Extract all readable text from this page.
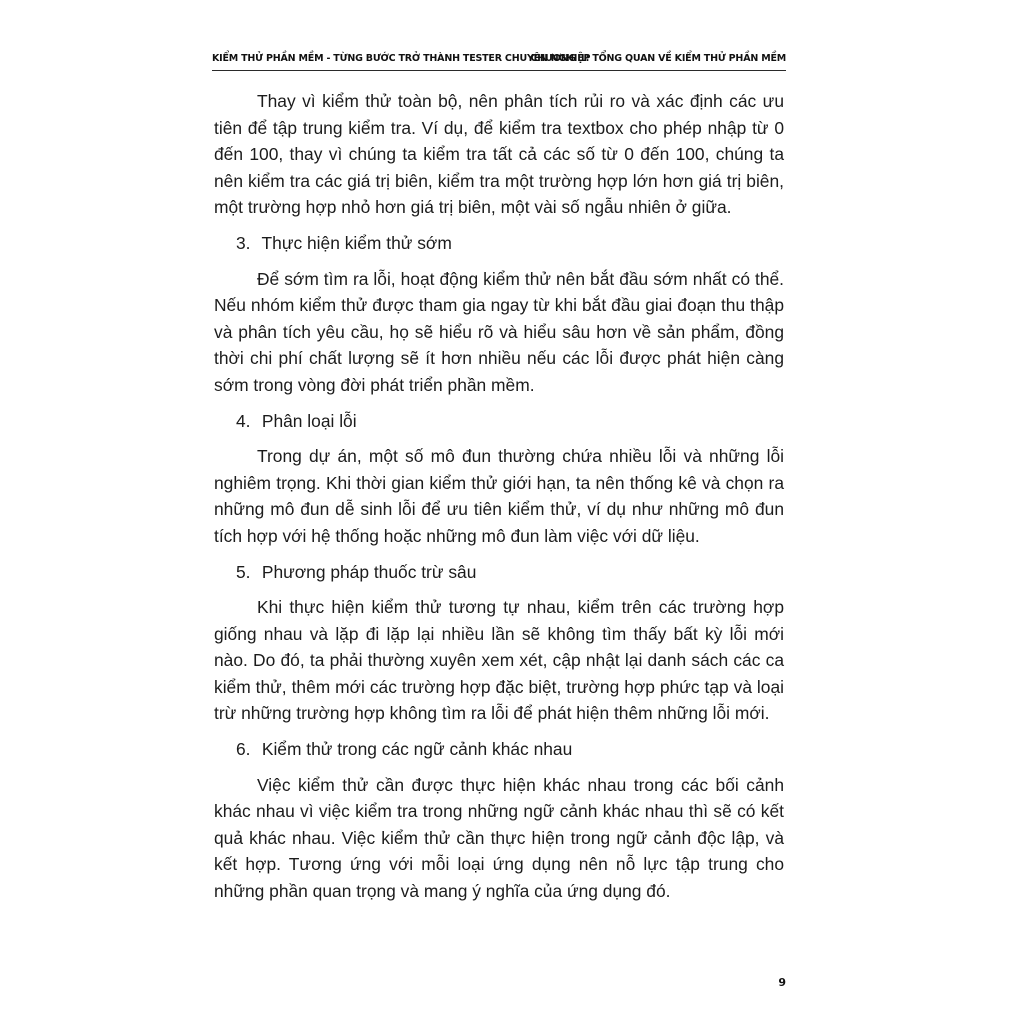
KIỂM THỬ PHẦN MỀM - TỪNG BƯỚC TRỞ THÀNH TESTER CHUYÊN NGHIỆP
CHƯƠNG 1: TỔNG QUAN VỀ KIỂM THỬ PHẦN MỀM

Thay vì kiểm thử toàn bộ, nên phân tích rủi ro và xác định các ưu tiên để tập trung kiểm tra. Ví dụ, để kiểm tra textbox cho phép nhập từ 0 đến 100, thay vì chúng ta kiểm tra tất cả các số từ 0 đến 100, chúng ta nên kiểm tra các giá trị biên, kiểm tra một trường hợp lớn hơn giá trị biên, một trường hợp nhỏ hơn giá trị biên, một vài số ngẫu nhiên ở giữa.

3. Thực hiện kiểm thử sớm

Để sớm tìm ra lỗi, hoạt động kiểm thử nên bắt đầu sớm nhất có thể. Nếu nhóm kiểm thử được tham gia ngay từ khi bắt đầu giai đoạn thu thập và phân tích yêu cầu, họ sẽ hiểu rõ và hiểu sâu hơn về sản phẩm, đồng thời chi phí chất lượng sẽ ít hơn nhiều nếu các lỗi được phát hiện càng sớm trong vòng đời phát triển phần mềm.

4. Phân loại lỗi

Trong dự án, một số mô đun thường chứa nhiều lỗi và những lỗi nghiêm trọng. Khi thời gian kiểm thử giới hạn, ta nên thống kê và chọn ra những mô đun dễ sinh lỗi để ưu tiên kiểm thử, ví dụ như những mô đun tích hợp với hệ thống hoặc những mô đun làm việc với dữ liệu.

5. Phương pháp thuốc trừ sâu

Khi thực hiện kiểm thử tương tự nhau, kiểm trên các trường hợp giống nhau và lặp đi lặp lại nhiều lần sẽ không tìm thấy bất kỳ lỗi mới nào. Do đó, ta phải thường xuyên xem xét, cập nhật lại danh sách các ca kiểm thử, thêm mới các trường hợp đặc biệt, trường hợp phức tạp và loại trừ những trường hợp không tìm ra lỗi để phát hiện thêm những lỗi mới.

6. Kiểm thử trong các ngữ cảnh khác nhau

Việc kiểm thử cần được thực hiện khác nhau trong các bối cảnh khác nhau vì việc kiểm tra trong những ngữ cảnh khác nhau thì sẽ có kết quả khác nhau. Việc kiểm thử cần thực hiện trong ngữ cảnh độc lập, và kết hợp. Tương ứng với mỗi loại ứng dụng nên nỗ lực tập trung cho những phần quan trọng và mang ý nghĩa của ứng dụng đó.

9
